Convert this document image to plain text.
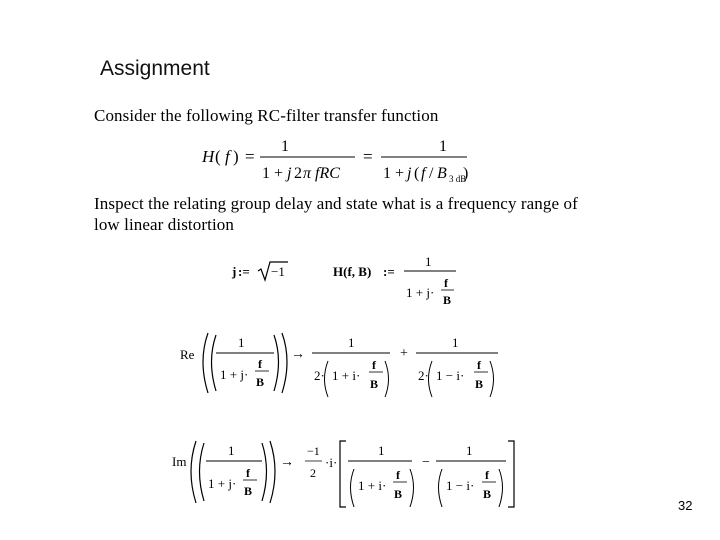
Assignment
Consider the following RC-filter transfer function
H ( f ) =
1
1 + j 2 π fRC
=
1
1 + j ( f / B 3 dB
)
Inspect the relating group delay and state what is a frequency range of
low linear distortion
j := −1	H(f, B) :=
1
1 + j·
f
B
Re
1
1 + j·
f
B
→
1
2· 1 + i·
f
B
+
1
2· 1 − i·
f
B
Im
1
1 + j·
f
B
→
−1
2
·i·
1
1 + i·
f
B
−
1
1 − i·
f
B
32
